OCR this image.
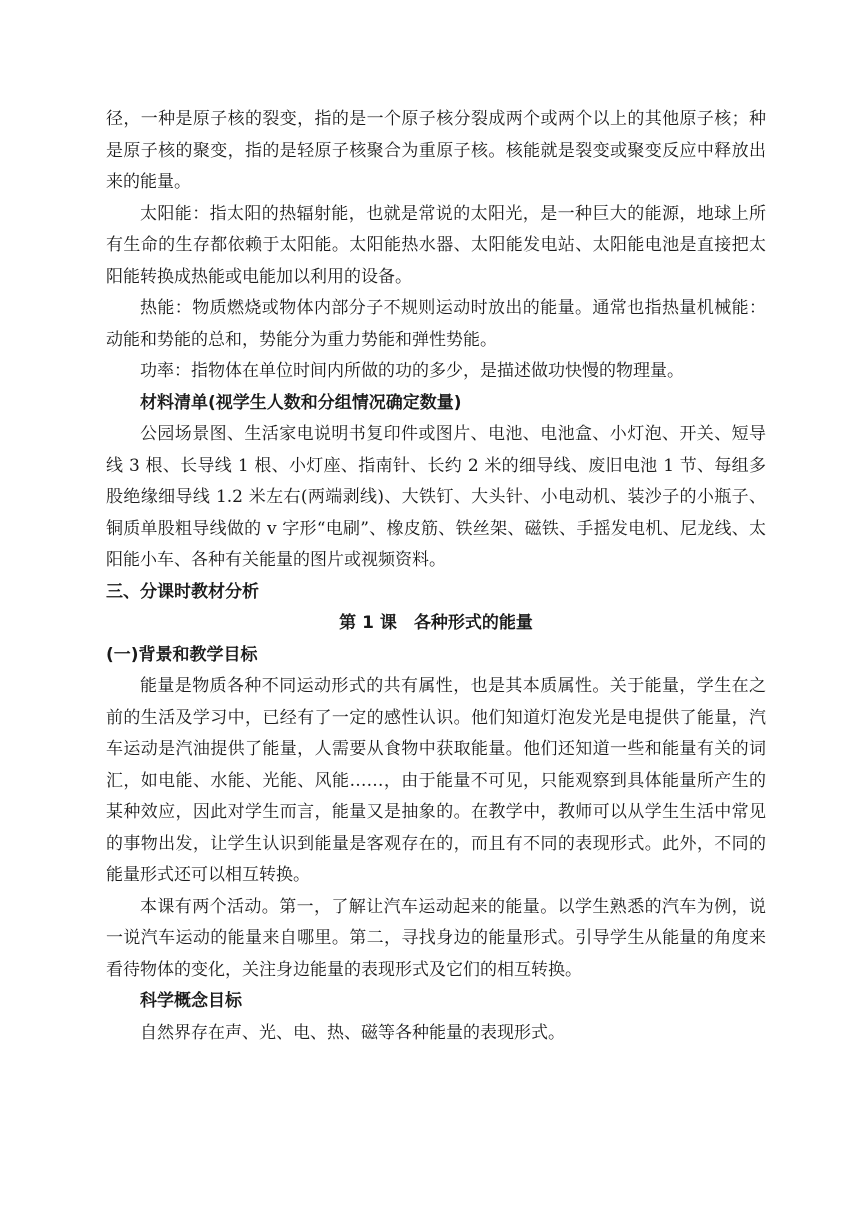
径，一种是原子核的裂变，指的是一个原子核分裂成两个或两个以上的其他原子核；种是原子核的聚变，指的是轻原子核聚合为重原子核。核能就是裂变或聚变反应中释放出来的能量。

太阳能：指太阳的热辐射能，也就是常说的太阳光，是一种巨大的能源，地球上所有生命的生存都依赖于太阳能。太阳能热水器、太阳能发电站、太阳能电池是直接把太阳能转换成热能或电能加以利用的设备。

热能：物质燃烧或物体内部分子不规则运动时放出的能量。通常也指热量机械能：动能和势能的总和，势能分为重力势能和弹性势能。

功率：指物体在单位时间内所做的功的多少，是描述做功快慢的物理量。

材料清单(视学生人数和分组情况确定数量)

公园场景图、生活家电说明书复印件或图片、电池、电池盒、小灯泡、开关、短导线 3 根、长导线 1 根、小灯座、指南针、长约 2 米的细导线、废旧电池 1 节、每组多股绝缘细导线 1.2 米左右(两端剥线)、大铁钉、大头针、小电动机、装沙子的小瓶子、铜质单股粗导线做的 v 字形“电刷”、橡皮筋、铁丝架、磁铁、手摇发电机、尼龙线、太阳能小车、各种有关能量的图片或视频资料。

三、分课时教材分析

第 1 课　各种形式的能量

(一)背景和教学目标

能量是物质各种不同运动形式的共有属性，也是其本质属性。关于能量，学生在之前的生活及学习中，已经有了一定的感性认识。他们知道灯泡发光是电提供了能量，汽车运动是汽油提供了能量，人需要从食物中获取能量。他们还知道一些和能量有关的词汇，如电能、水能、光能、风能……，由于能量不可见，只能观察到具体能量所产生的某种效应，因此对学生而言，能量又是抽象的。在教学中，教师可以从学生生活中常见的事物出发，让学生认识到能量是客观存在的，而且有不同的表现形式。此外，不同的能量形式还可以相互转换。

本课有两个活动。第一，了解让汽车运动起来的能量。以学生熟悉的汽车为例，说一说汽车运动的能量来自哪里。第二，寻找身边的能量形式。引导学生从能量的角度来看待物体的变化，关注身边能量的表现形式及它们的相互转换。

科学概念目标

自然界存在声、光、电、热、磁等各种能量的表现形式。
